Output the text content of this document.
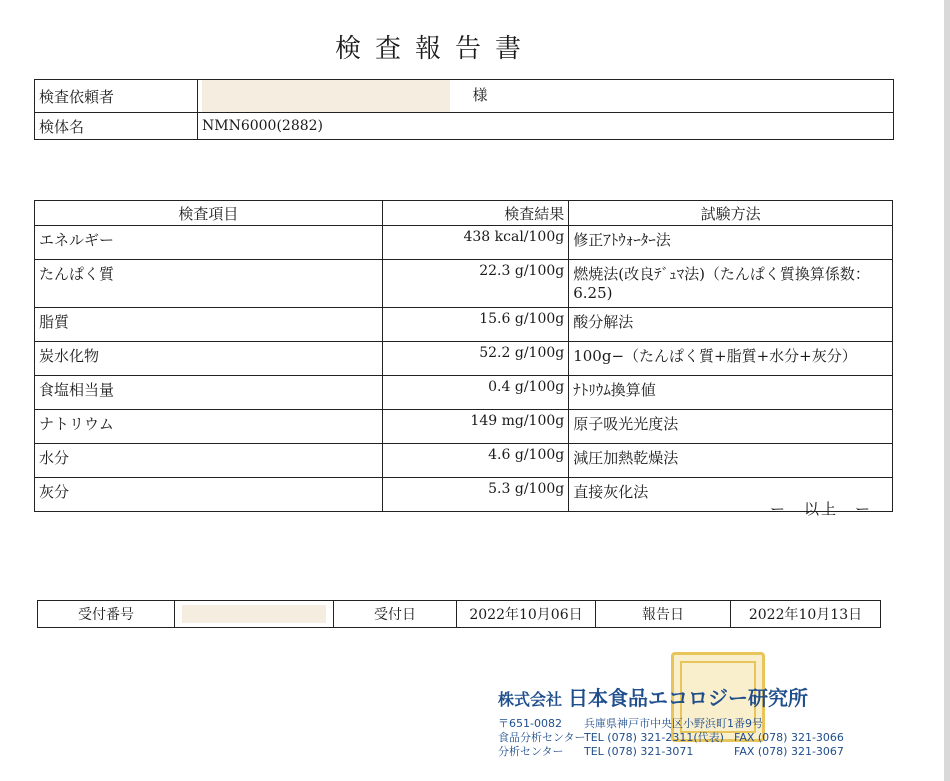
検査報告書
検査依頼者	様
検体名	NMN6000(2882)
検査項目	検査結果	試験方法
エネルギー	438 kcal/100g	修正ｱﾄｳｫｰﾀｰ法
たんぱく質	22.3 g/100g	燃焼法(改良ﾃﾞｭﾏ法)（たんぱく質換算係数：6.25)
脂質	15.6 g/100g	酸分解法
炭水化物	52.2 g/100g	100g−（たんぱく質+脂質+水分+灰分）
食塩相当量	0.4 g/100g	ﾅﾄﾘｳﾑ換算値
ナトリウム	149 mg/100g	原子吸光光度法
水分	4.6 g/100g	減圧加熱乾燥法
灰分	5.3 g/100g	直接灰化法
ー　以上　ー
受付番号		受付日	2022年10月06日	報告日	2022年10月13日
株式会社 日本食品エコロジー研究所
〒651-0082 兵庫県神戸市中央区小野浜町1番9号
食品分析センターTEL (078) 321-2311(代表) FAX (078) 321-3066
分析センター TEL (078) 321-3071	FAX (078) 321-3067
